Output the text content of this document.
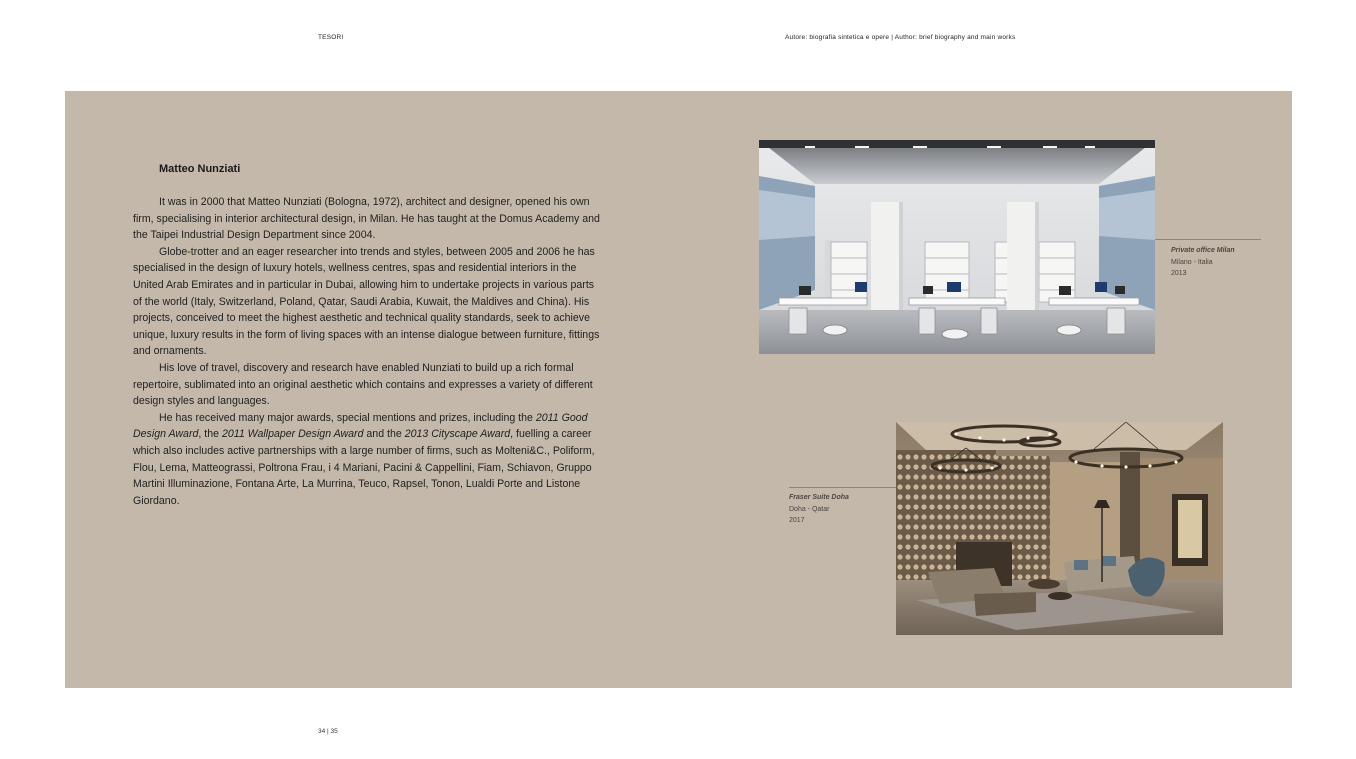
TESORI	Autore: biografia sintetica e opere | Author: brief biography and main works
Matteo Nunziati

It was in 2000 that Matteo Nunziati (Bologna, 1972), architect and designer, opened his own firm, specialising in interior architectural design, in Milan. He has taught at the Domus Academy and the Taipei Industrial Design Department since 2004.

Globe-trotter and an eager researcher into trends and styles, between 2005 and 2006 he has specialised in the design of luxury hotels, wellness centres, spas and residential interiors in the United Arab Emirates and in particular in Dubai, allowing him to undertake projects in various parts of the world (Italy, Switzerland, Poland, Qatar, Saudi Arabia, Kuwait, the Maldives and China). His projects, conceived to meet the highest aesthetic and technical quality standards, seek to achieve unique, luxury results in the form of living spaces with an intense dialogue between furniture, fittings and ornaments.

His love of travel, discovery and research have enabled Nunziati to build up a rich formal repertoire, sublimated into an original aesthetic which contains and expresses a variety of different design styles and languages.

He has received many major awards, special mentions and prizes, including the 2011 Good Design Award, the 2011 Wallpaper Design Award and the 2013 Cityscape Award, fuelling a career which also includes active partnerships with a large number of firms, such as Molteni&C., Poliform, Flou, Lema, Matteograssi, Poltrona Frau, i 4 Mariani, Pacini & Cappellini, Fiam, Schiavon, Gruppo Martini Illuminazione, Fontana Arte, La Murrina, Teuco, Rapsel, Tonon, Lualdi Porte and Listone Giordano.

Private office Milan
Milano - Italia
2013
Fraser Suite Doha
Doha - Qatar
2017
34 | 35
